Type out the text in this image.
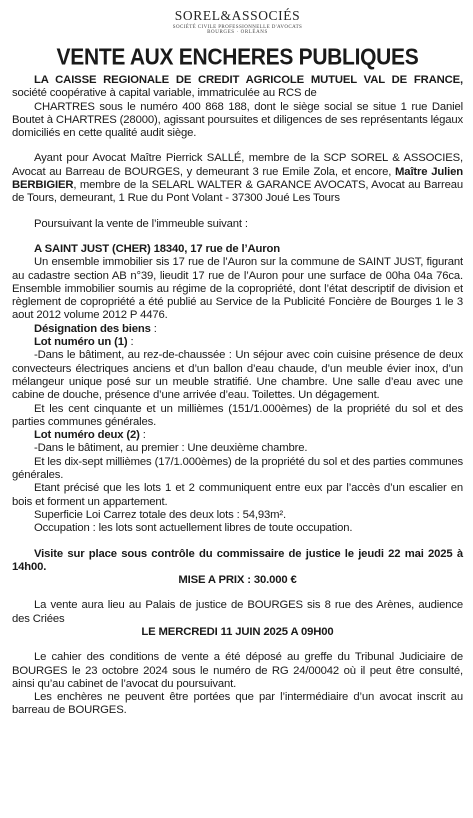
SOREL&ASSOCIÉS
SOCIÉTÉ CIVILE PROFESSIONNELLE D'AVOCATS
BOURGES · ORLÉANS
VENTE AUX ENCHERES PUBLIQUES

LA CAISSE REGIONALE DE CREDIT AGRICOLE MUTUEL VAL DE FRANCE, société coopérative à capital variable, immatriculée au RCS de

CHARTRES sous le numéro 400 868 188, dont le siège social se situe 1 rue Daniel Boutet à CHARTRES (28000), agissant poursuites et diligences de ses représentants légaux domiciliés en cette qualité audit siège.

Ayant pour Avocat Maître Pierrick SALLÉ, membre de la SCP SOREL & ASSOCIES, Avocat au Barreau de BOURGES, y demeurant 3 rue Emile Zola, et encore, Maître Julien BERBIGIER, membre de la SELARL WALTER & GARANCE AVOCATS, Avocat au Barreau de Tours, demeurant, 1 Rue du Pont Volant - 37300 Joué Les Tours

Poursuivant la vente de l’immeuble suivant :

A SAINT JUST (CHER) 18340, 17 rue de l’Auron

Un ensemble immobilier sis 17 rue de l’Auron sur la commune de SAINT JUST, figurant au cadastre section AB n°39, lieudit 17 rue de l’Auron pour une surface de 00ha 04a 76ca. Ensemble immobilier soumis au régime de la copropriété, dont l’état descriptif de division et règlement de copropriété a été publié au Service de la Publicité Foncière de Bourges 1 le 3 aout 2012 volume 2012 P 4476.

Désignation des biens :

Lot numéro un (1) :

-Dans le bâtiment, au rez-de-chaussée : Un séjour avec coin cuisine présence de deux convecteurs électriques anciens et d’un ballon d’eau chaude, d’un meuble évier inox, d’un mélangeur unique posé sur un meuble stratifié. Une chambre. Une salle d’eau avec une cabine de douche, présence d’une arrivée d’eau. Toilettes. Un dégagement.

Et les cent cinquante et un millièmes (151/1.000èmes) de la propriété du sol et des parties communes générales.

Lot numéro deux (2) :

-Dans le bâtiment, au premier : Une deuxième chambre.

Et les dix-sept millièmes (17/1.000èmes) de la propriété du sol et des parties communes générales.

Etant précisé que les lots 1 et 2 communiquent entre eux par l’accès d’un escalier en bois et forment un appartement.

Superficie Loi Carrez totale des deux lots : 54,93m².

Occupation : les lots sont actuellement libres de toute occupation.

Visite sur place sous contrôle du commissaire de justice le jeudi 22 mai 2025 à 14h00.

MISE A PRIX : 30.000 €

La vente aura lieu au Palais de justice de BOURGES sis 8 rue des Arènes, audience des Criées

LE MERCREDI 11 JUIN 2025 A 09H00

Le cahier des conditions de vente a été déposé au greffe du Tribunal Judiciaire de BOURGES le 23 octobre 2024 sous le numéro de RG 24/00042 où il peut être consulté, ainsi qu’au cabinet de l’avocat du poursuivant.

Les enchères ne peuvent être portées que par l’intermédiaire d’un avocat inscrit au barreau de BOURGES.
